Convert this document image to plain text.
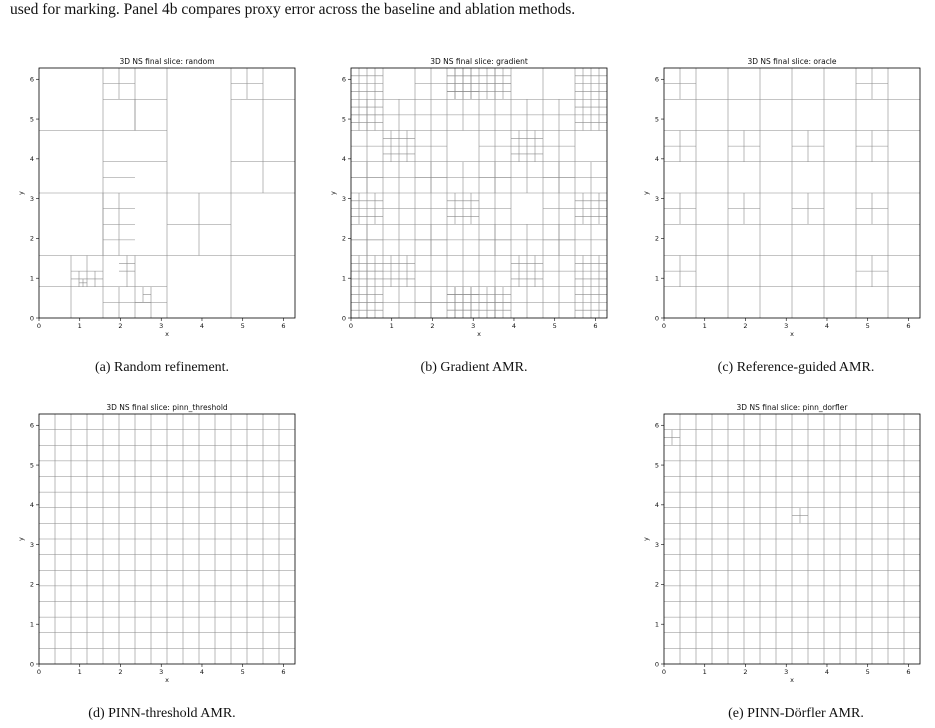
used for marking. Panel 4b compares proxy error across the baseline and ablation methods.

3D NS final slice: random
0	1	2	3	4	5	6
0
1
2
3
4
5
6
x
y
3D NS final slice: gradient
0	1	2	3	4	5	6
0
1
2
3
4
5
6
x
y
3D NS final slice: oracle
0	1	2	3	4	5	6
0
1
2
3
4
5
6
x
y
3D NS final slice: pinn_threshold
0	1	2	3	4	5	6
0
1
2
3
4
5
6
x
y
3D NS final slice: pinn_dorfler
0	1	2	3	4	5	6
0
1
2
3
4
5
6
x
y

(a) Random refinement.	(b) Gradient AMR.	(c) Reference-guided AMR.

(d) PINN-threshold AMR.	(e) PINN-Dörfler AMR.
